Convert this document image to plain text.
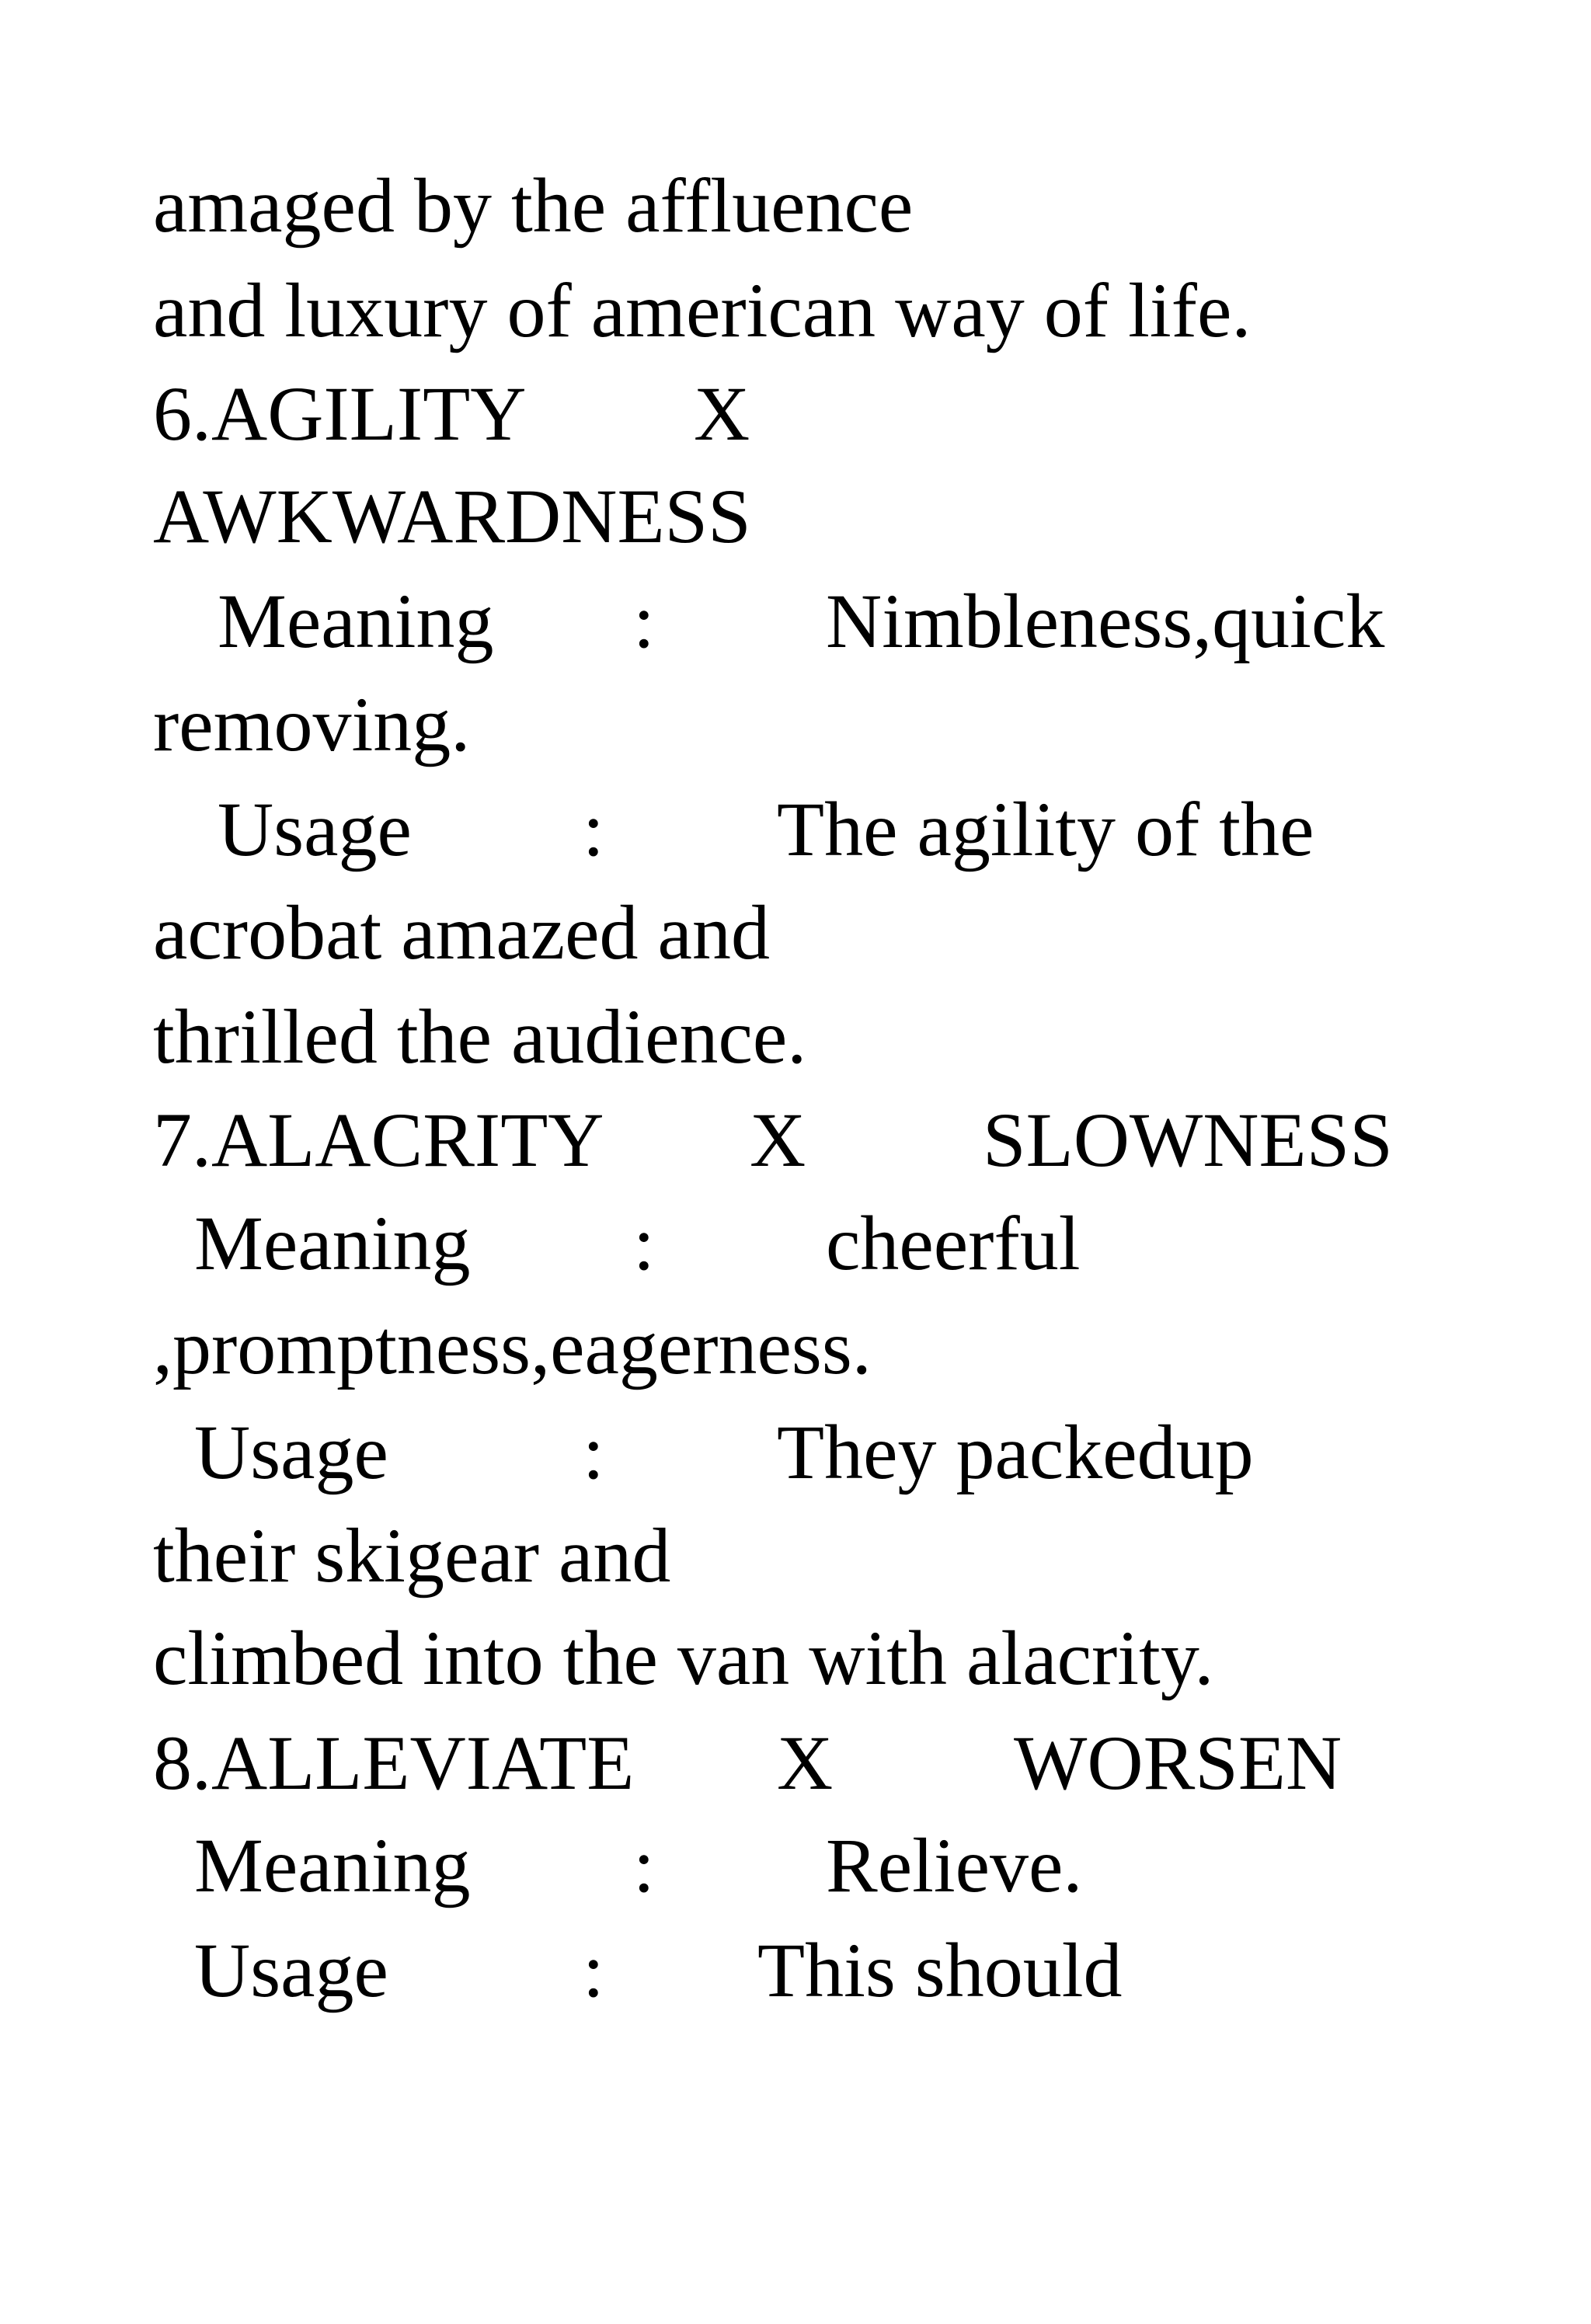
amaged by the affluence

and luxury of american way of life.

6.AGILITY

X

AWKWARDNESS

Meaning

:

Nimbleness,quick

removing.

Usage

:

The agility of the

acrobat amazed and

thrilled the audience.

7.ALACRITY

X

SLOWNESS

Meaning

:

cheerful

,promptness,eagerness.

Usage

	:

They packedup

their skigear and

climbed into the van with alacrity.

8.ALLEVIATE

X

WORSEN

Meaning

:

Relieve.

Usage

	:

This should
